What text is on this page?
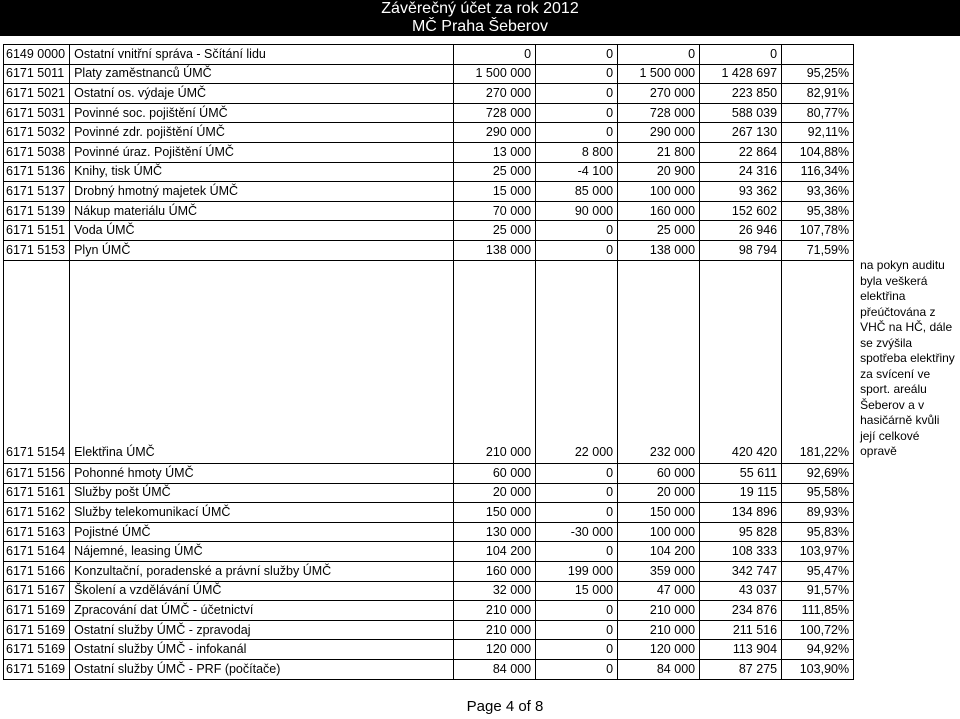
Závěrečný účet za rok 2012
MČ Praha Šeberov
6149 0000	Ostatní vnitřní správa - Sčítání lidu	0	0	0	0		
6171 5011	Platy zaměstnanců ÚMČ	1 500 000	0	1 500 000	1 428 697	95,25%	
6171 5021	Ostatní os. výdaje ÚMČ	270 000	0	270 000	223 850	82,91%	
6171 5031	Povinné soc. pojištění ÚMČ	728 000	0	728 000	588 039	80,77%	
6171 5032	Povinné zdr. pojištění ÚMČ	290 000	0	290 000	267 130	92,11%	
6171 5038	Povinné úraz. Pojištění ÚMČ	13 000	8 800	21 800	22 864	104,88%	
6171 5136	Knihy, tisk ÚMČ	25 000	-4 100	20 900	24 316	116,34%	
6171 5137	Drobný hmotný majetek ÚMČ	15 000	85 000	100 000	93 362	93,36%	
6171 5139	Nákup materiálu ÚMČ	70 000	90 000	160 000	152 602	95,38%	
6171 5151	Voda ÚMČ	25 000	0	25 000	26 946	107,78%	
6171 5153	Plyn ÚMČ	138 000	0	138 000	98 794	71,59%	
6171 5154	Elektřina ÚMČ	210 000	22 000	232 000	420 420	181,22%	na pokyn auditu byla veškerá elektřina přeúčtována z VHČ na HČ, dále se zvýšila spotřeba elektřiny za svícení ve sport. areálu Šeberov a v hasičárně kvůli její celkové opravě

6171 5156	Pohonné hmoty ÚMČ	60 000	0	60 000	55 611	92,69%	
6171 5161	Služby pošt ÚMČ	20 000	0	20 000	19 115	95,58%	
6171 5162	Služby telekomunikací ÚMČ	150 000	0	150 000	134 896	89,93%	
6171 5163	Pojistné ÚMČ	130 000	-30 000	100 000	95 828	95,83%	
6171 5164	Nájemné, leasing ÚMČ	104 200	0	104 200	108 333	103,97%	
6171 5166	Konzultační, poradenské a právní služby ÚMČ	160 000	199 000	359 000	342 747	95,47%	
6171 5167	Školení a vzdělávání ÚMČ	32 000	15 000	47 000	43 037	91,57%	
6171 5169	Zpracování dat ÚMČ - účetnictví	210 000	0	210 000	234 876	111,85%	
6171 5169	Ostatní služby ÚMČ - zpravodaj	210 000	0	210 000	211 516	100,72%	
6171 5169	Ostatní služby ÚMČ - infokanál	120 000	0	120 000	113 904	94,92%	
6171 5169	Ostatní služby ÚMČ - PRF (počítače)	84 000	0	84 000	87 275	103,90%	
Page 4 of 8
